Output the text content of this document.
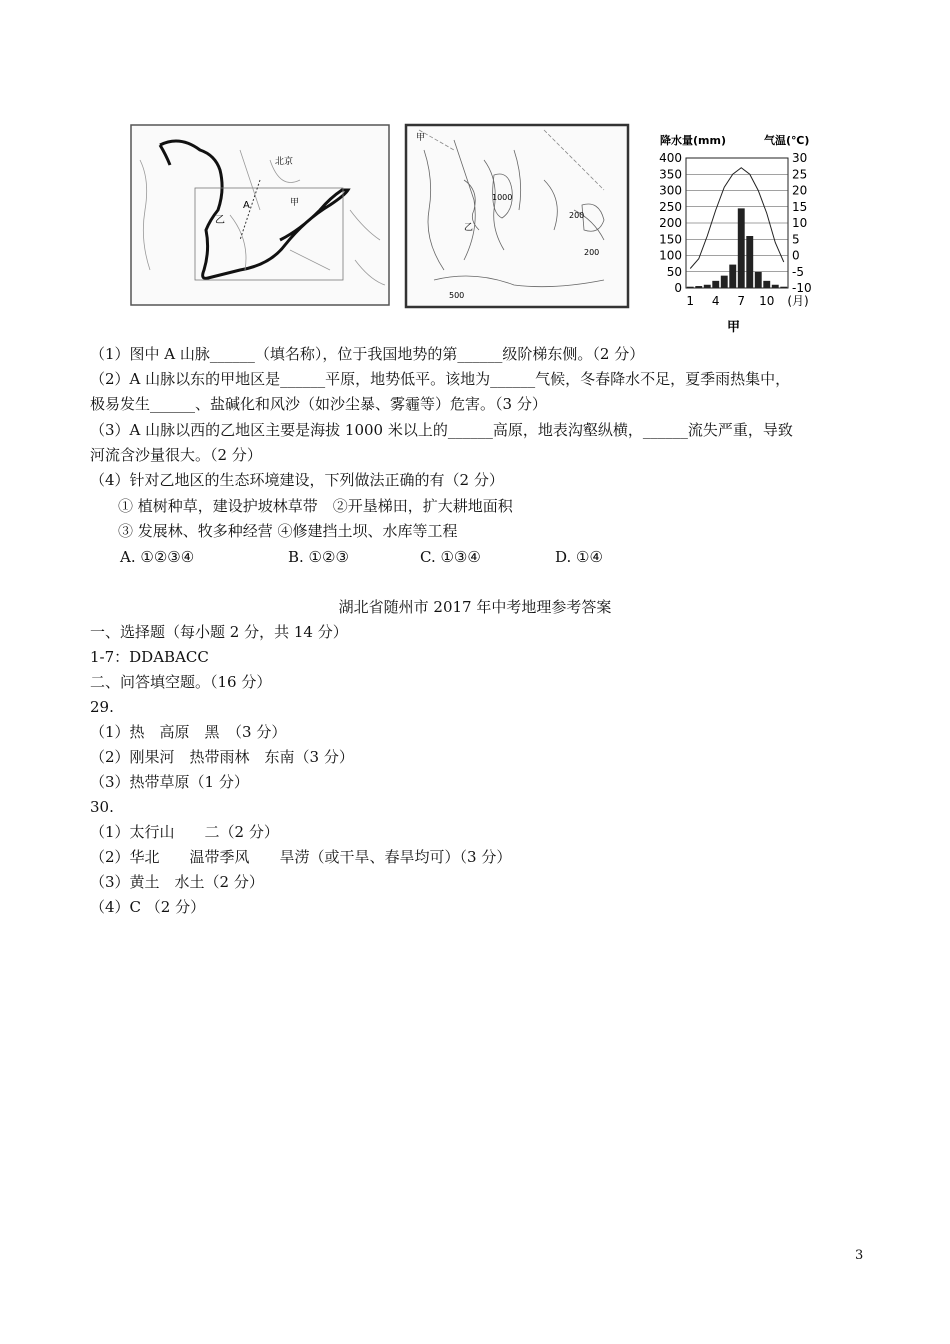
北京
甲
A
乙
甲
乙
1000
200
200
500
降水量(mm)	气温(℃)
400
350
300
250
200
150
100
50
0
30
25
20
15
10
5
0
-5
-10
1 4 7 10 (月)
甲
（1）图中 A 山脉______（填名称），位于我国地势的第______级阶梯东侧。（2 分）
（2）A 山脉以东的甲地区是______平原，地势低平。该地为______气候，冬春降水不足，夏季雨热集中，
极易发生______、盐碱化和风沙（如沙尘暴、雾霾等）危害。（3 分）
（3）A 山脉以西的乙地区主要是海拔 1000 米以上的______高原，地表沟壑纵横，______流失严重，导致
河流含沙量很大。（2 分）
（4）针对乙地区的生态环境建设，下列做法正确的有（2 分）
① 植树种草，建设护坡林草带　②开垦梯田，扩大耕地面积
③ 发展林、牧多种经营 ④修建挡土坝、水库等工程
A. ①②③④	B. ①②③	C. ①③④	D. ①④
湖北省随州市 2017 年中考地理参考答案
一、选择题（每小题 2 分，共 14 分）
1-7：DDABACC
二、问答填空题。（16 分）
29.
（1）热　高原　黑　（3 分）
（2）刚果河　热带雨林　东南（3 分）
（3）热带草原（1 分）
30.
（1）太行山　　二（2 分）
（2）华北　　温带季风　　旱涝（或干旱、春旱均可）（3 分）
（3）黄土　水土（2 分）
（4）C （2 分）
3
